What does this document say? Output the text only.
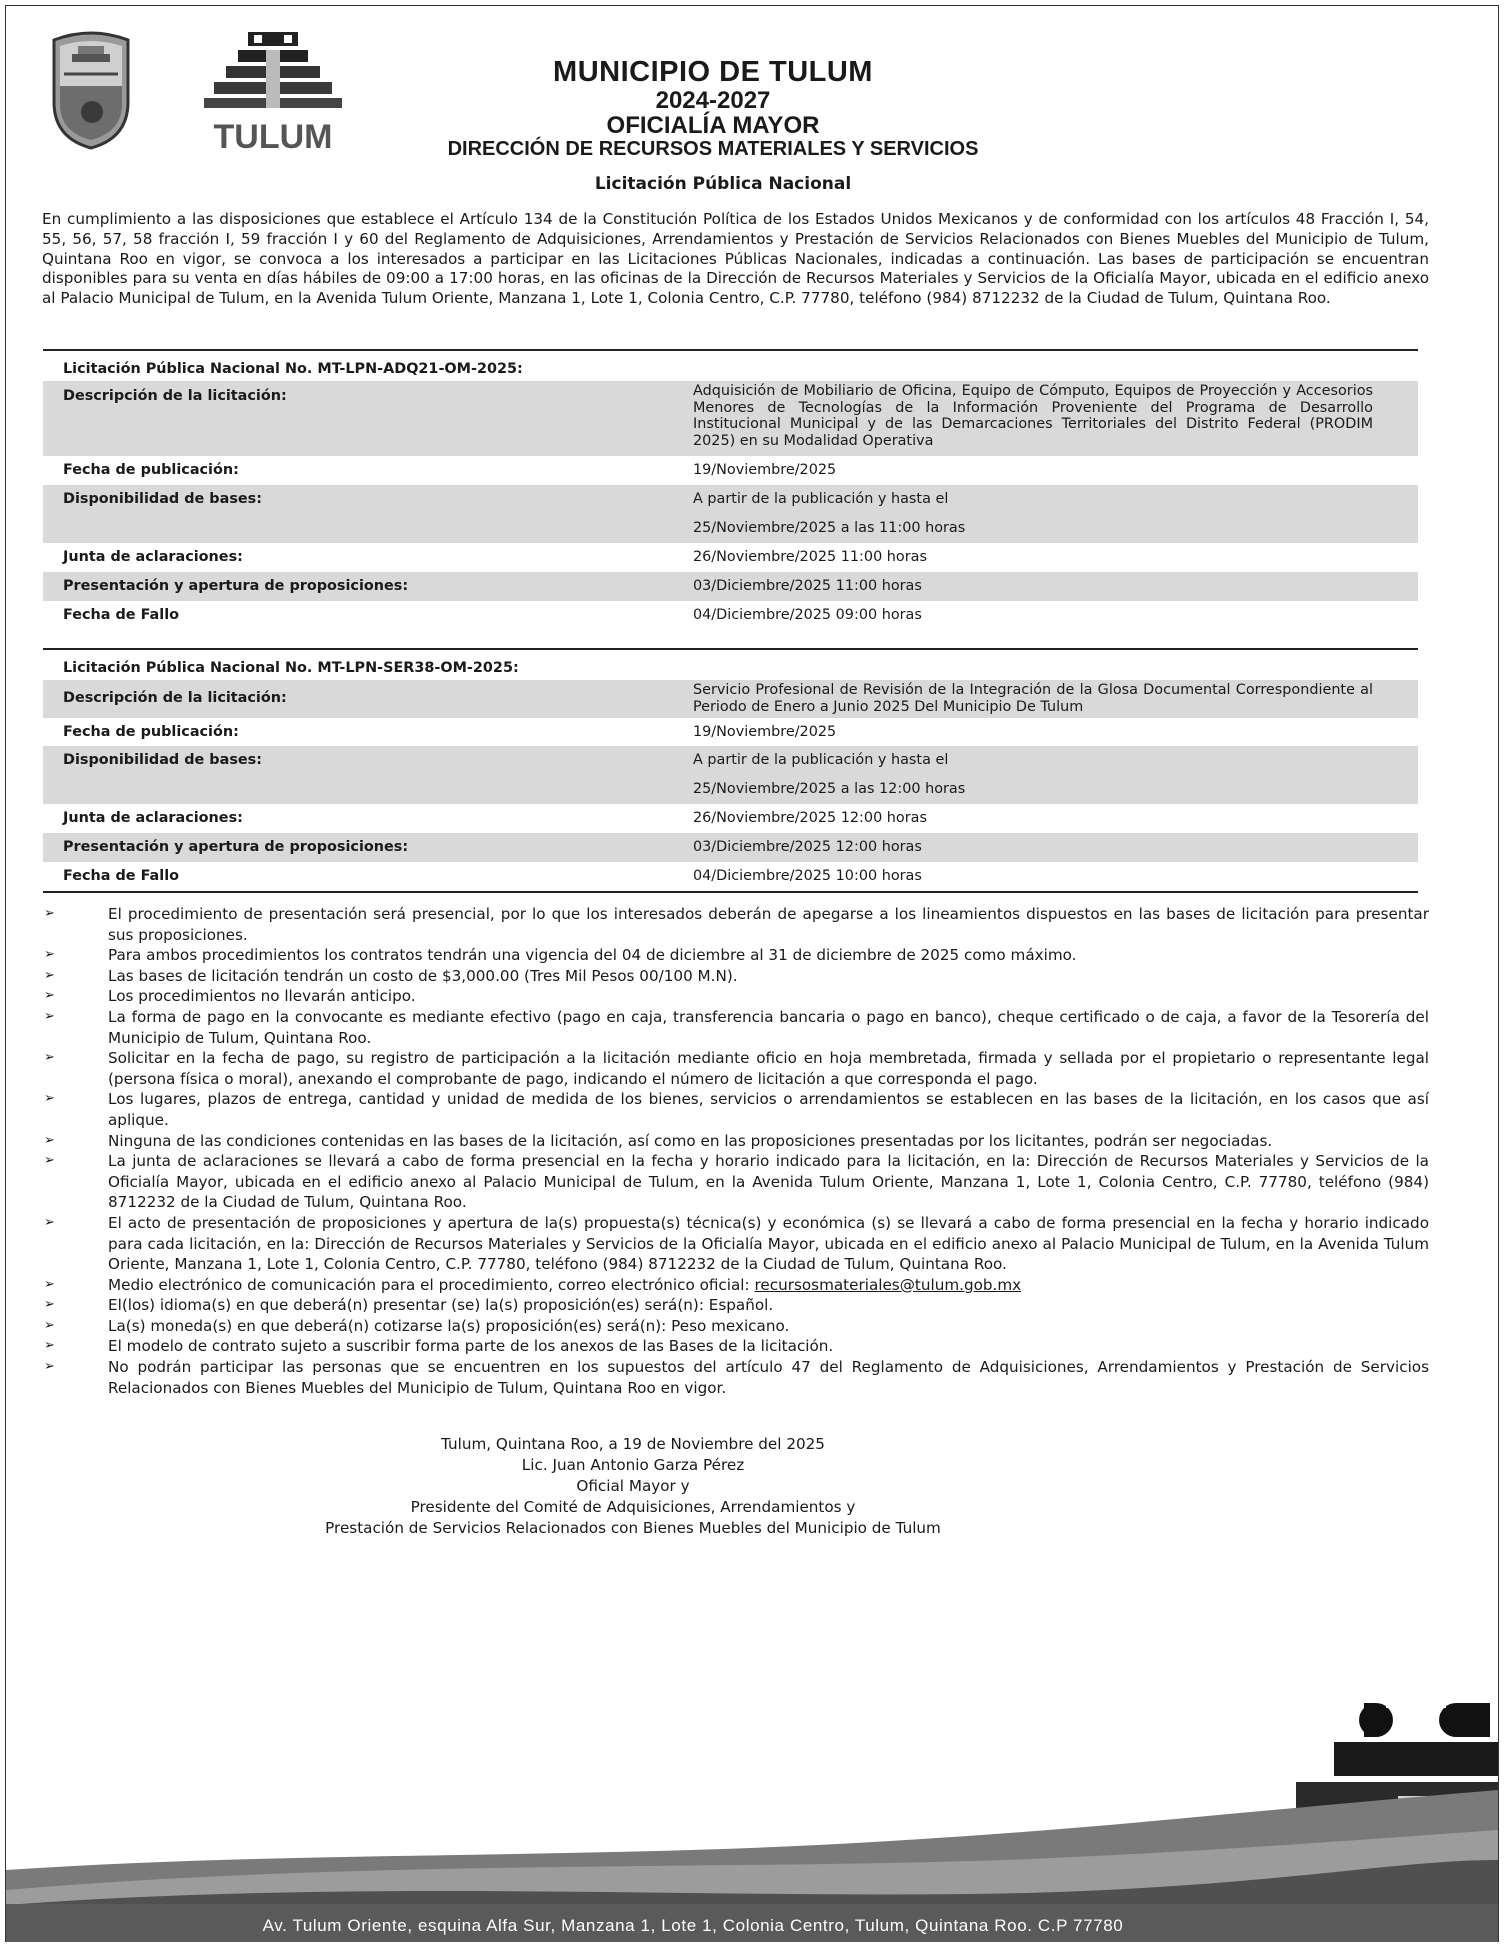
TULUM
MUNICIPIO DE TULUM
2024-2027
OFICIALÍA MAYOR
DIRECCIÓN DE RECURSOS MATERIALES Y SERVICIOS
Licitación Pública Nacional
En cumplimiento a las disposiciones que establece el Artículo 134 de la Constitución Política de los Estados Unidos Mexicanos y de conformidad con los artículos 48 Fracción I, 54, 55, 56, 57, 58 fracción I, 59 fracción I y 60 del Reglamento de Adquisiciones, Arrendamientos y Prestación de Servicios Relacionados con Bienes Muebles del Municipio de Tulum, Quintana Roo en vigor, se convoca a los interesados a participar en las Licitaciones Públicas Nacionales, indicadas a continuación. Las bases de participación se encuentran disponibles para su venta en días hábiles de 09:00 a 17:00 horas, en las oficinas de la Dirección de Recursos Materiales y Servicios de la Oficialía Mayor, ubicada en el edificio anexo al Palacio Municipal de Tulum, en la Avenida Tulum Oriente, Manzana 1, Lote 1, Colonia Centro, C.P. 77780, teléfono (984) 8712232 de la Ciudad de Tulum, Quintana Roo.
Licitación Pública Nacional No. MT-LPN-ADQ21-OM-2025:
Descripción de la licitación:	Adquisición de Mobiliario de Oficina, Equipo de Cómputo, Equipos de Proyección y Accesorios Menores de Tecnologías de la Información Proveniente del Programa de Desarrollo Institucional Municipal y de las Demarcaciones Territoriales del Distrito Federal (PRODIM 2025) en su Modalidad Operativa
Fecha de publicación:	19/Noviembre/2025
Disponibilidad de bases:	A partir de la publicación y hasta el
25/Noviembre/2025 a las 11:00 horas
Junta de aclaraciones:	26/Noviembre/2025 11:00 horas
Presentación y apertura de proposiciones:	03/Diciembre/2025 11:00 horas
Fecha de Fallo	04/Diciembre/2025 09:00 horas
Licitación Pública Nacional No. MT-LPN-SER38-OM-2025:
Descripción de la licitación:	Servicio Profesional de Revisión de la Integración de la Glosa Documental Correspondiente al Periodo de Enero a Junio 2025 Del Municipio De Tulum
Fecha de publicación:	19/Noviembre/2025
Disponibilidad de bases:	A partir de la publicación y hasta el
25/Noviembre/2025 a las 12:00 horas
Junta de aclaraciones:	26/Noviembre/2025 12:00 horas
Presentación y apertura de proposiciones:	03/Diciembre/2025 12:00 horas
Fecha de Fallo	04/Diciembre/2025 10:00 horas
➢	El procedimiento de presentación será presencial, por lo que los interesados deberán de apegarse a los lineamientos dispuestos en las bases de licitación para presentar sus proposiciones.
➢	Para ambos procedimientos los contratos tendrán una vigencia del 04 de diciembre al 31 de diciembre de 2025 como máximo.
➢	Las bases de licitación tendrán un costo de $3,000.00 (Tres Mil Pesos 00/100 M.N).
➢	Los procedimientos no llevarán anticipo.
➢	La forma de pago en la convocante es mediante efectivo (pago en caja, transferencia bancaria o pago en banco), cheque certificado o de caja, a favor de la Tesorería del Municipio de Tulum, Quintana Roo.
➢	Solicitar en la fecha de pago, su registro de participación a la licitación mediante oficio en hoja membretada, firmada y sellada por el propietario o representante legal (persona física o moral), anexando el comprobante de pago, indicando el número de licitación a que corresponda el pago.
➢	Los lugares, plazos de entrega, cantidad y unidad de medida de los bienes, servicios o arrendamientos se establecen en las bases de la licitación, en los casos que así aplique.
➢	Ninguna de las condiciones contenidas en las bases de la licitación, así como en las proposiciones presentadas por los licitantes, podrán ser negociadas.
➢	La junta de aclaraciones se llevará a cabo de forma presencial en la fecha y horario indicado para la licitación, en la: Dirección de Recursos Materiales y Servicios de la Oficialía Mayor, ubicada en el edificio anexo al Palacio Municipal de Tulum, en la Avenida Tulum Oriente, Manzana 1, Lote 1, Colonia Centro, C.P. 77780, teléfono (984) 8712232 de la Ciudad de Tulum, Quintana Roo.
➢	El acto de presentación de proposiciones y apertura de la(s) propuesta(s) técnica(s) y económica (s) se llevará a cabo de forma presencial en la fecha y horario indicado para cada licitación, en la: Dirección de Recursos Materiales y Servicios de la Oficialía Mayor, ubicada en el edificio anexo al Palacio Municipal de Tulum, en la Avenida Tulum Oriente, Manzana 1, Lote 1, Colonia Centro, C.P. 77780, teléfono (984) 8712232 de la Ciudad de Tulum, Quintana Roo.
➢	Medio electrónico de comunicación para el procedimiento, correo electrónico oficial: recursosmateriales@tulum.gob.mx
➢	El(los) idioma(s) en que deberá(n) presentar (se) la(s) proposición(es) será(n): Español.
➢	La(s) moneda(s) en que deberá(n) cotizarse la(s) proposición(es) será(n): Peso mexicano.
➢	El modelo de contrato sujeto a suscribir forma parte de los anexos de las Bases de la licitación.
➢	No podrán participar las personas que se encuentren en los supuestos del artículo 47 del Reglamento de Adquisiciones, Arrendamientos y Prestación de Servicios Relacionados con Bienes Muebles del Municipio de Tulum, Quintana Roo en vigor.
Tulum, Quintana Roo, a 19 de Noviembre del 2025
Lic. Juan Antonio Garza Pérez
Oficial Mayor y
Presidente del Comité de Adquisiciones, Arrendamientos y
Prestación de Servicios Relacionados con Bienes Muebles del Municipio de Tulum
Av. Tulum Oriente, esquina Alfa Sur, Manzana 1, Lote 1, Colonia Centro, Tulum, Quintana Roo. C.P 77780
